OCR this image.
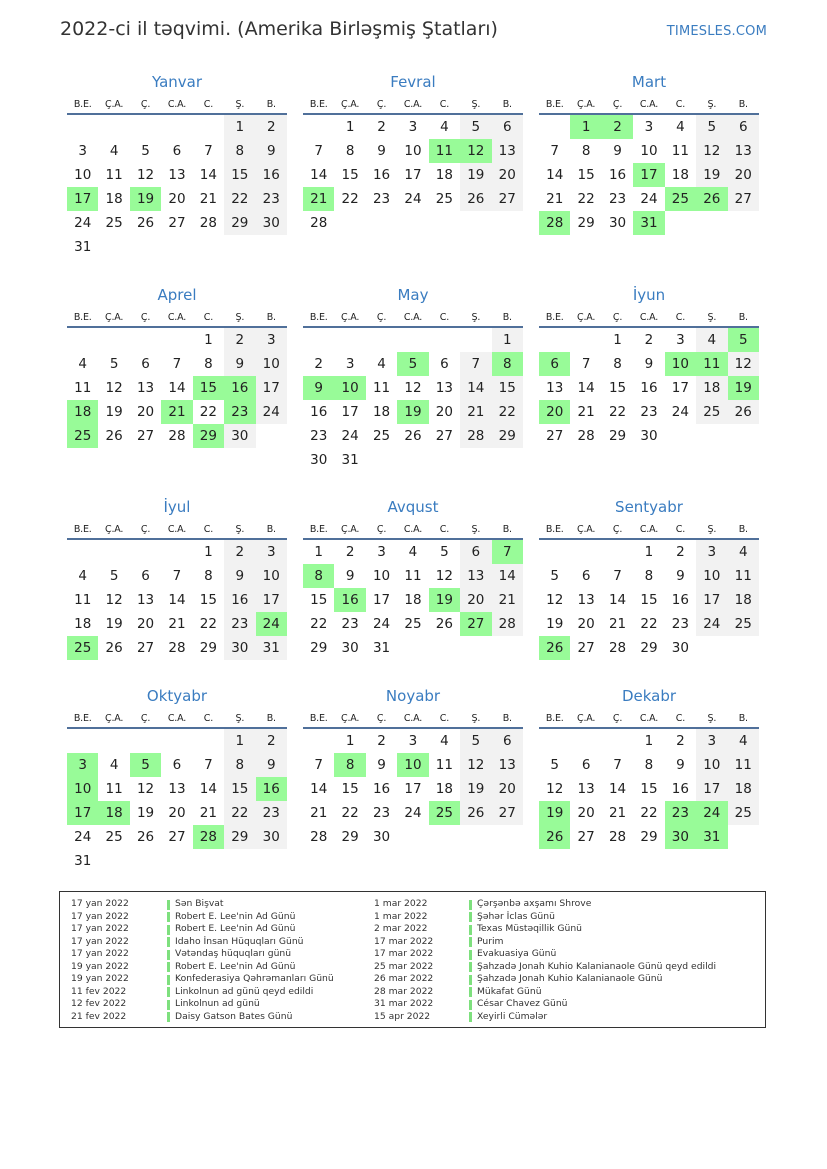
2022-ci il təqvimi. (Amerika Birləşmiş Ştatları)	TIMESLES.COM
Yanvar
B.E.	Ç.A.	Ç.	C.A.	C.	Ş.	B.
					1	2
3	4	5	6	7	8	9
10	11	12	13	14	15	16
17	18	19	20	21	22	23
24	25	26	27	28	29	30
31						
Fevral
B.E.	Ç.A.	Ç.	C.A.	C.	Ş.	B.
	1	2	3	4	5	6
7	8	9	10	11	12	13
14	15	16	17	18	19	20
21	22	23	24	25	26	27
28						
Mart
B.E.	Ç.A.	Ç.	C.A.	C.	Ş.	B.
	1	2	3	4	5	6
7	8	9	10	11	12	13
14	15	16	17	18	19	20
21	22	23	24	25	26	27
28	29	30	31			
Aprel
B.E.	Ç.A.	Ç.	C.A.	C.	Ş.	B.
				1	2	3
4	5	6	7	8	9	10
11	12	13	14	15	16	17
18	19	20	21	22	23	24
25	26	27	28	29	30	
May
B.E.	Ç.A.	Ç.	C.A.	C.	Ş.	B.
						1
2	3	4	5	6	7	8
9	10	11	12	13	14	15
16	17	18	19	20	21	22
23	24	25	26	27	28	29
30	31					
İyun
B.E.	Ç.A.	Ç.	C.A.	C.	Ş.	B.
		1	2	3	4	5
6	7	8	9	10	11	12
13	14	15	16	17	18	19
20	21	22	23	24	25	26
27	28	29	30			
İyul
B.E.	Ç.A.	Ç.	C.A.	C.	Ş.	B.
				1	2	3
4	5	6	7	8	9	10
11	12	13	14	15	16	17
18	19	20	21	22	23	24
25	26	27	28	29	30	31
Avqust
B.E.	Ç.A.	Ç.	C.A.	C.	Ş.	B.
1	2	3	4	5	6	7
8	9	10	11	12	13	14
15	16	17	18	19	20	21
22	23	24	25	26	27	28
29	30	31				
Sentyabr
B.E.	Ç.A.	Ç.	C.A.	C.	Ş.	B.
			1	2	3	4
5	6	7	8	9	10	11
12	13	14	15	16	17	18
19	20	21	22	23	24	25
26	27	28	29	30		
Oktyabr
B.E.	Ç.A.	Ç.	C.A.	C.	Ş.	B.
					1	2
3	4	5	6	7	8	9
10	11	12	13	14	15	16
17	18	19	20	21	22	23
24	25	26	27	28	29	30
31						
Noyabr
B.E.	Ç.A.	Ç.	C.A.	C.	Ş.	B.
	1	2	3	4	5	6
7	8	9	10	11	12	13
14	15	16	17	18	19	20
21	22	23	24	25	26	27
28	29	30				
Dekabr
B.E.	Ç.A.	Ç.	C.A.	C.	Ş.	B.
			1	2	3	4
5	6	7	8	9	10	11
12	13	14	15	16	17	18
19	20	21	22	23	24	25
26	27	28	29	30	31	
17 yan 2022	Sən Bişvat
17 yan 2022	Robert E. Lee'nin Ad Günü
17 yan 2022	Robert E. Lee'nin Ad Günü
17 yan 2022	Idaho İnsan Hüquqları Günü
17 yan 2022	Vətəndaş hüquqları günü
19 yan 2022	Robert E. Lee'nin Ad Günü
19 yan 2022	Konfederasiya Qəhrəmanları Günü
11 fev 2022	Linkolnun ad günü qeyd edildi
12 fev 2022	Linkolnun ad günü
21 fev 2022	Daisy Gatson Bates Günü
1 mar 2022	Çərşənbə axşamı Shrove
1 mar 2022	Şəhər İclas Günü
2 mar 2022	Texas Müstəqillik Günü
17 mar 2022	Purim
17 mar 2022	Evakuasiya Günü
25 mar 2022	Şahzadə Jonah Kuhio Kalanianaole Günü qeyd edildi
26 mar 2022	Şahzadə Jonah Kuhio Kalanianaole Günü
28 mar 2022	Mükafat Günü
31 mar 2022	César Chavez Günü
15 apr 2022	Xeyirli Cümələr
